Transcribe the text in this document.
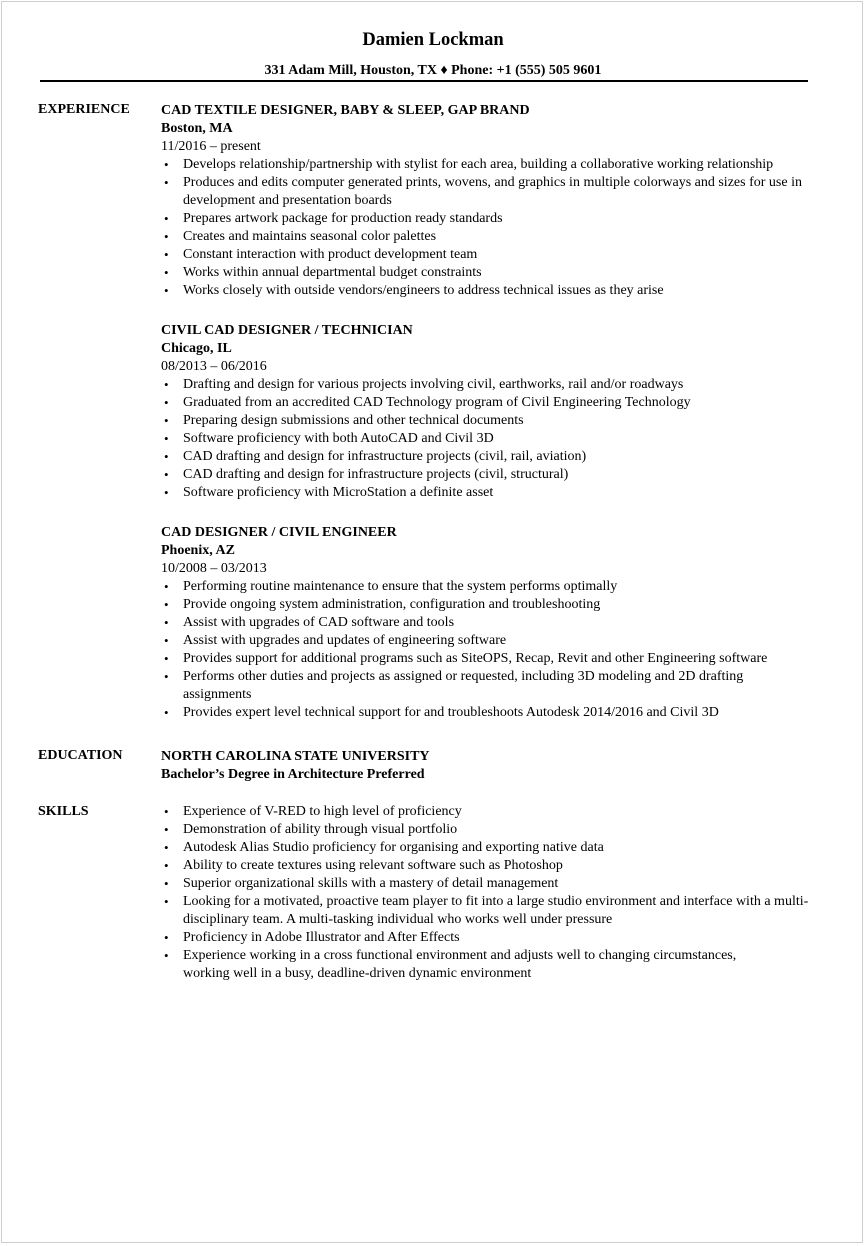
Damien Lockman
331 Adam Mill, Houston, TX ♦ Phone: +1 (555) 505 9601
EXPERIENCE CAD TEXTILE DESIGNER, BABY & SLEEP, GAP BRAND
Boston, MA
11/2016 – present
• Develops relationship/partnership with stylist for each area, building a collaborative working relationship
• Produces and edits computer generated prints, wovens, and graphics in multiple colorways and sizes for use in development and presentation boards
• Prepares artwork package for production ready standards
• Creates and maintains seasonal color palettes
• Constant interaction with product development team
• Works within annual departmental budget constraints
• Works closely with outside vendors/engineers to address technical issues as they arise
CIVIL CAD DESIGNER / TECHNICIAN
Chicago, IL
08/2013 – 06/2016
• Drafting and design for various projects involving civil, earthworks, rail and/or roadways
• Graduated from an accredited CAD Technology program of Civil Engineering Technology
• Preparing design submissions and other technical documents
• Software proficiency with both AutoCAD and Civil 3D
• CAD drafting and design for infrastructure projects (civil, rail, aviation)
• CAD drafting and design for infrastructure projects (civil, structural)
• Software proficiency with MicroStation a definite asset
CAD DESIGNER / CIVIL ENGINEER
Phoenix, AZ
10/2008 – 03/2013
• Performing routine maintenance to ensure that the system performs optimally
• Provide ongoing system administration, configuration and troubleshooting
• Assist with upgrades of CAD software and tools
• Assist with upgrades and updates of engineering software
• Provides support for additional programs such as SiteOPS, Recap, Revit and other Engineering software
• Performs other duties and projects as assigned or requested, including 3D modeling and 2D drafting assignments
• Provides expert level technical support for and troubleshoots Autodesk 2014/2016 and Civil 3D
EDUCATION	NORTH CAROLINA STATE UNIVERSITY
Bachelor’s Degree in Architecture Preferred
SKILLS
•	Experience of V-RED to high level of proficiency
• Demonstration of ability through visual portfolio
• Autodesk Alias Studio proficiency for organising and exporting native data
• Ability to create textures using relevant software such as Photoshop
• Superior organizational skills with a mastery of detail management
• Looking for a motivated, proactive team player to fit into a large studio environment and interface with a multi-disciplinary team. A multi-tasking individual who works well under pressure
• Proficiency in Adobe Illustrator and After Effects
• Experience working in a cross functional environment and adjusts well to changing circumstances, working well in a busy, deadline-driven dynamic environment
